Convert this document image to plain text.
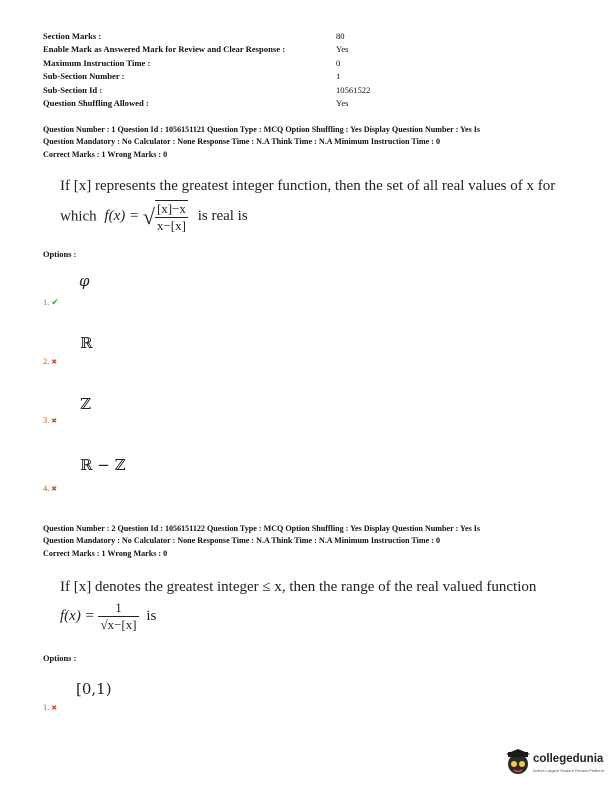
Section Marks :	80
Enable Mark as Answered Mark for Review and Clear Response :	Yes
Maximum Instruction Time :	0
Sub-Section Number :	1
Sub-Section Id :	10561522
Question Shuffling Allowed :	Yes
Question Number : 1 Question Id : 1056151121 Question Type : MCQ Option Shuffling : Yes Display Question Number : Yes Is
Question Mandatory : No Calculator : None Response Time : N.A Think Time : N.A Minimum Instruction Time : 0
Correct Marks : 1 Wrong Marks : 0
If [x] represents the greatest integer function, then the set of all real values of x for
which f(x) = √ $\frac{[x]-x}{x-[x]}$ is real is
Options :
φ
1. ✔
ℝ
2. ✖
ℤ
3. ✖
ℝ − ℤ
4. ✖
Question Number : 2 Question Id : 1056151122 Question Type : MCQ Option Shuffling : Yes Display Question Number : Yes Is
Question Mandatory : No Calculator : None Response Time : N.A Think Time : N.A Minimum Instruction Time : 0
Correct Marks : 1 Wrong Marks : 0
If [x] denotes the greatest integer ≤ x, then the range of the real valued function
$f(x) = \frac{1}{√x-[x]}$ is
Options :
[0,1)
1. ✖
collegedunia
India's Largest Student Review Platform
